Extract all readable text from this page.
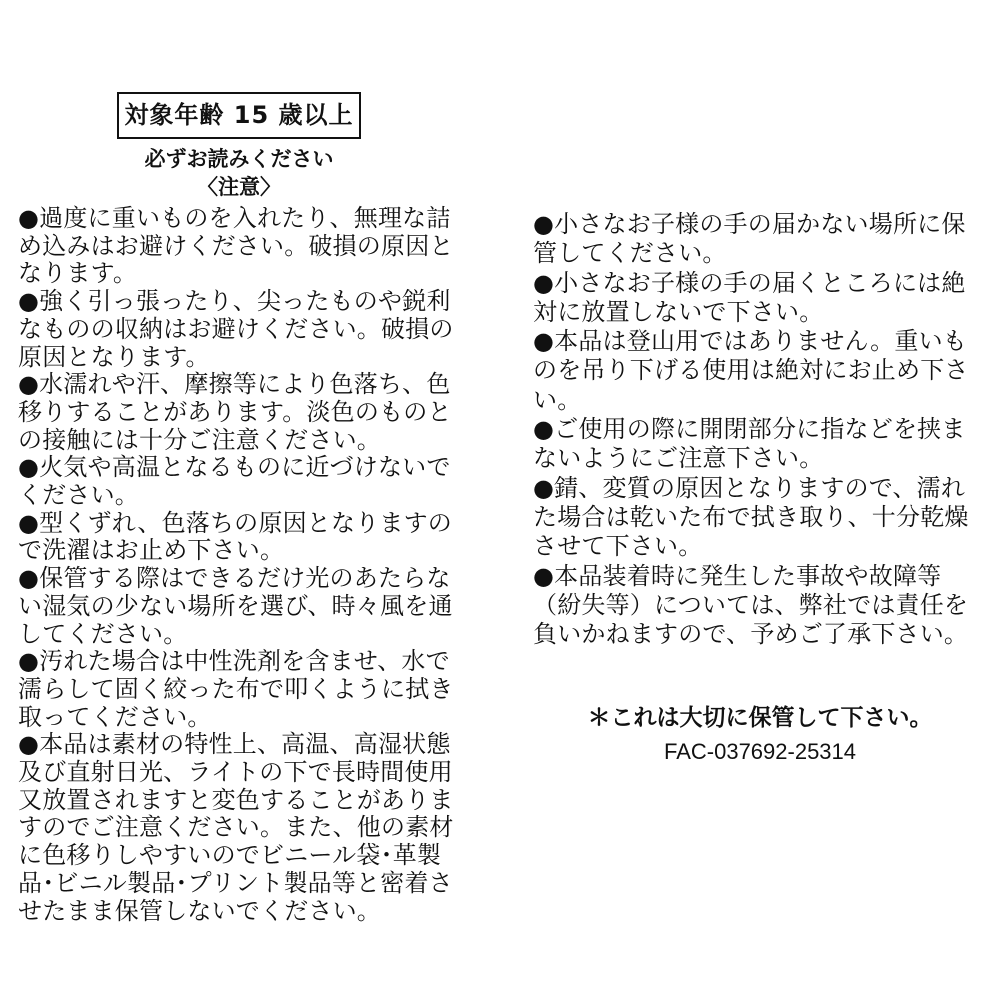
対象年齢 15 歳以上
必ずお読みください
〈注意〉

●過度に重いものを入れたり、無理な詰め込みはお避けください。破損の原因となります。

●強く引っ張ったり、尖ったものや鋭利なものの収納はお避けください。破損の原因となります。

●水濡れや汗、摩擦等により色落ち、色移りすることがあります。淡色のものとの接触には十分ご注意ください。

●火気や高温となるものに近づけないでください。

●型くずれ、色落ちの原因となりますので洗濯はお止め下さい。

●保管する際はできるだけ光のあたらない湿気の少ない場所を選び、時々風を通してください。

●汚れた場合は中性洗剤を含ませ、水で濡らして固く絞った布で叩くように拭き取ってください。

●本品は素材の特性上、高温、高湿状態及び直射日光、ライトの下で長時間使用又放置されますと変色することがありますのでご注意ください。また、他の素材に色移りしやすいのでビニール袋･革製品･ビニル製品･プリント製品等と密着させたまま保管しないでください。

●小さなお子様の手の届かない場所に保管してください。

●小さなお子様の手の届くところには絶対に放置しないで下さい。

●本品は登山用ではありません。重いものを吊り下げる使用は絶対にお止め下さい。

●ご使用の際に開閉部分に指などを挟まないようにご注意下さい。

●錆、変質の原因となりますので、濡れた場合は乾いた布で拭き取り、十分乾燥させて下さい。

●本品装着時に発生した事故や故障等（紛失等）については、弊社では責任を負いかねますので、予めご了承下さい。

＊これは大切に保管して下さい。
FAC-037692-25314
